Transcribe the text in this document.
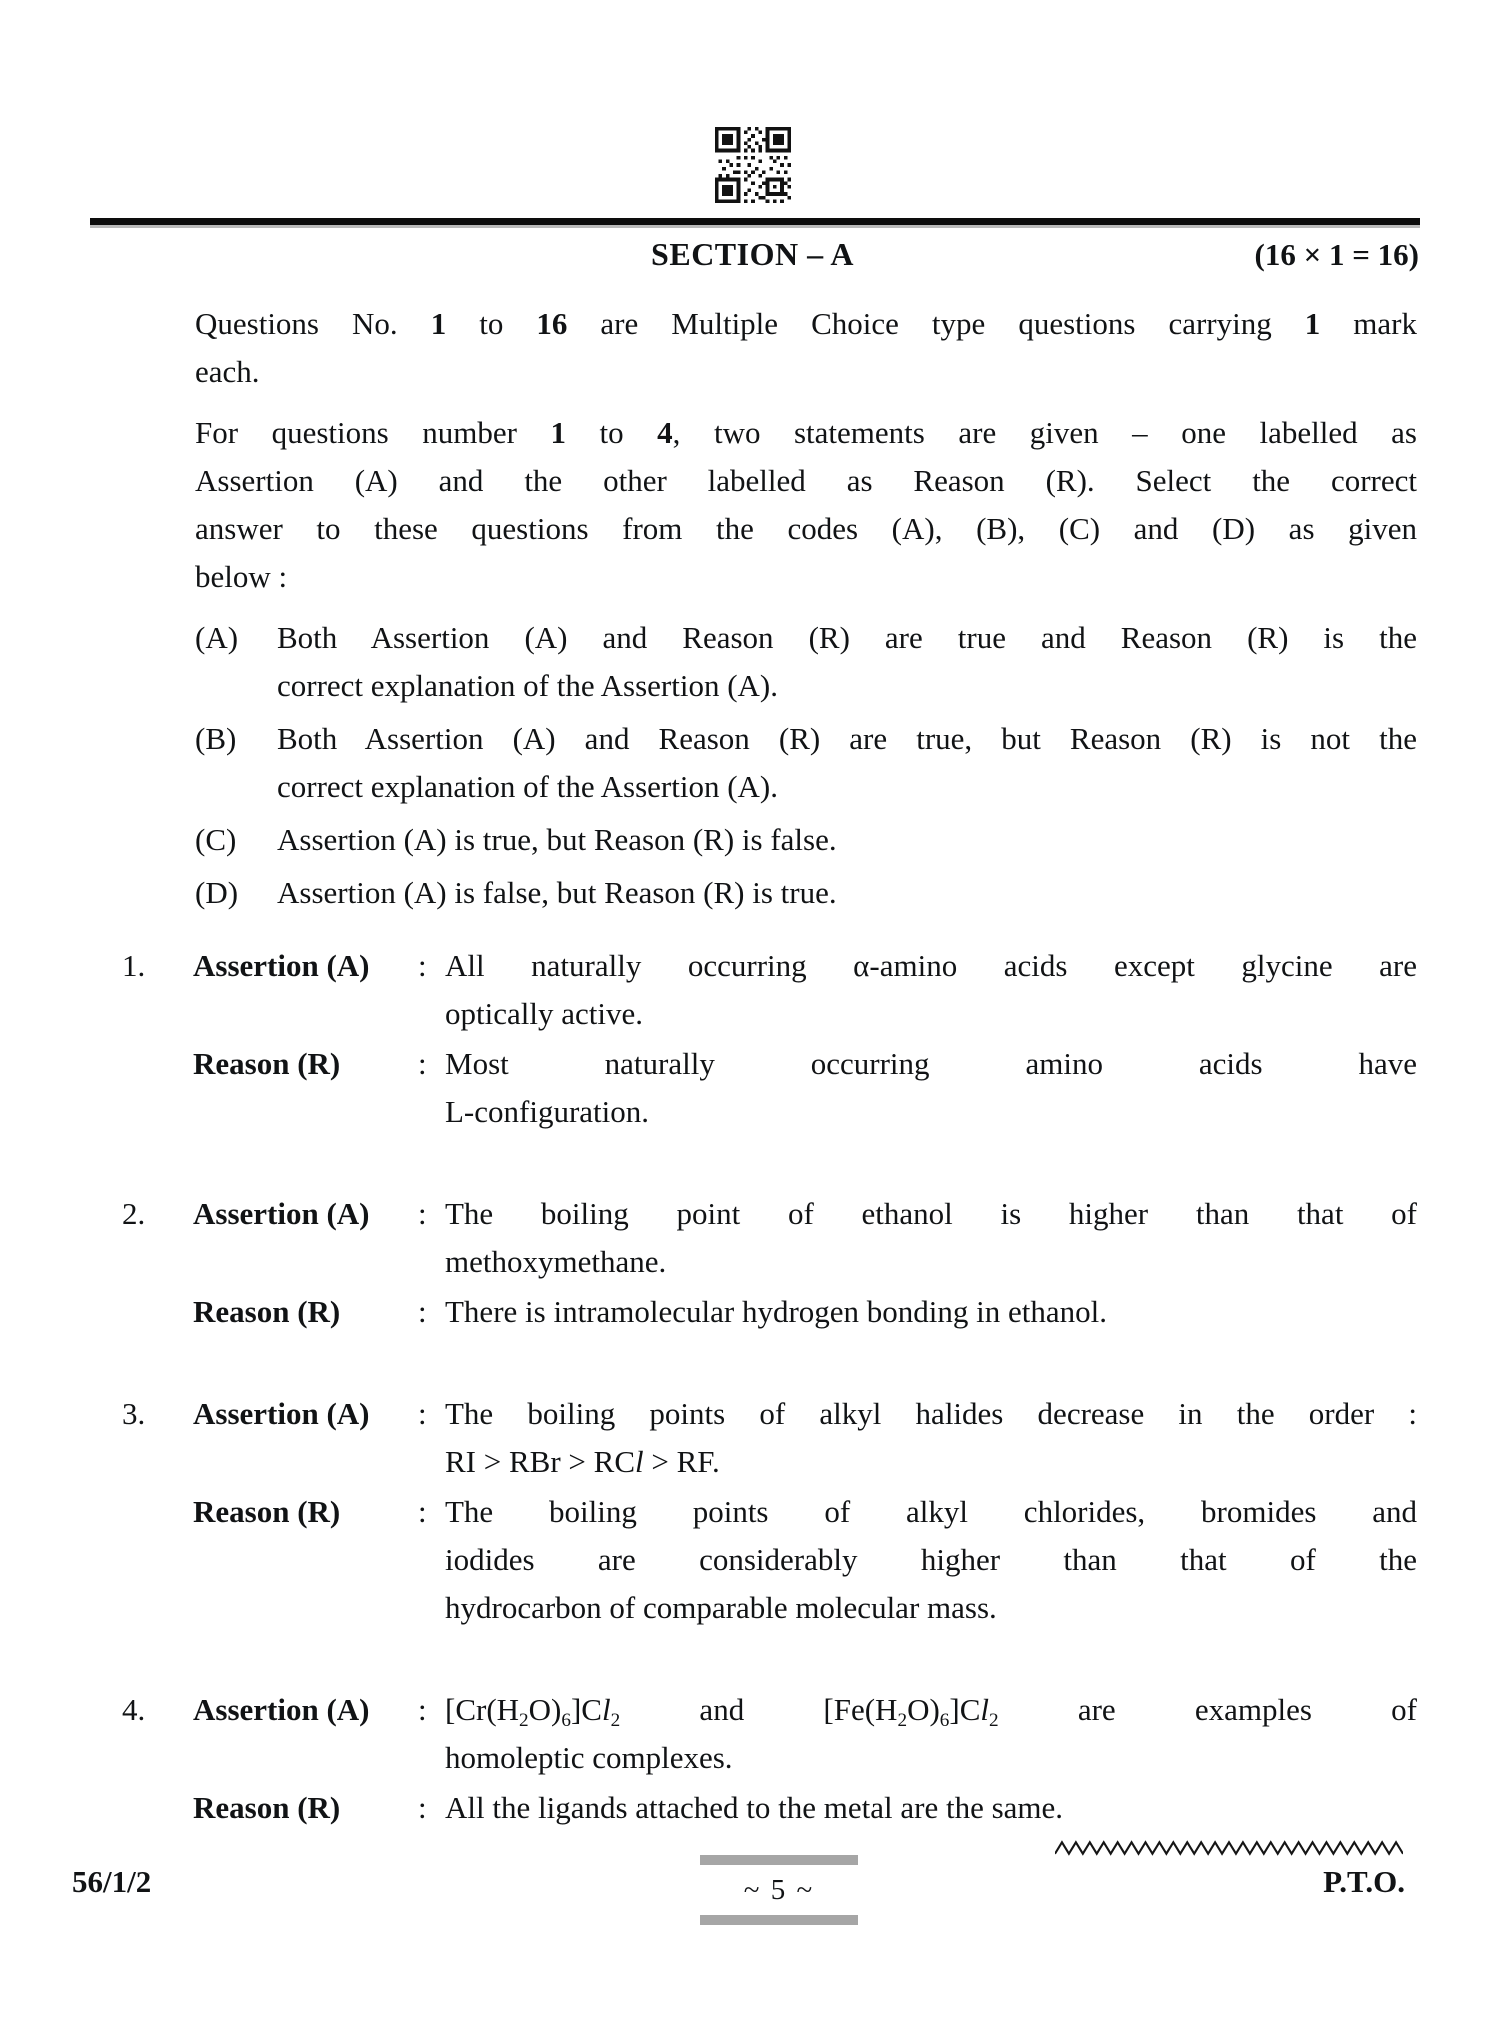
SECTION – A	(16 × 1 = 16)
Questions No. 1 to 16 are Multiple Choice type questions carrying 1 mark
each.
For questions number 1 to 4, two statements are given – one labelled as
Assertion (A) and the other labelled as Reason (R). Select the correct
answer to these questions from the codes (A), (B), (C) and (D) as given
below :
(A)	Both Assertion (A) and Reason (R) are true and Reason (R) is the
correct explanation of the Assertion (A).
(B)	Both Assertion (A) and Reason (R) are true, but Reason (R) is not the
correct explanation of the Assertion (A).
(C)	Assertion (A) is true, but Reason (R) is false.
(D)	Assertion (A) is false, but Reason (R) is true.
1.	Assertion (A)	: All naturally occurring α-amino acids except glycine are
optically active.
Reason (R)	: Most naturally occurring amino acids have
L-configuration.
2.	Assertion (A)	: The boiling point of ethanol is higher than that of
methoxymethane.
Reason (R)	: There is intramolecular hydrogen bonding in ethanol.
3.	Assertion (A)	: The boiling points of alkyl halides decrease in the order :
RI > RBr > RCl > RF.
Reason (R)	: The boiling points of alkyl chlorides, bromides and
iodides are considerably higher than that of the
hydrocarbon of comparable molecular mass.
4.	Assertion (A)	: $[Cr(H_2O)_6]Cl_2$ and $[Fe(H_2O)_6]Cl_2$ are examples of
homoleptic complexes.
Reason (R)	: All the ligands attached to the metal are the same.
56/1/2	~ 5 ~	P.T.O.
